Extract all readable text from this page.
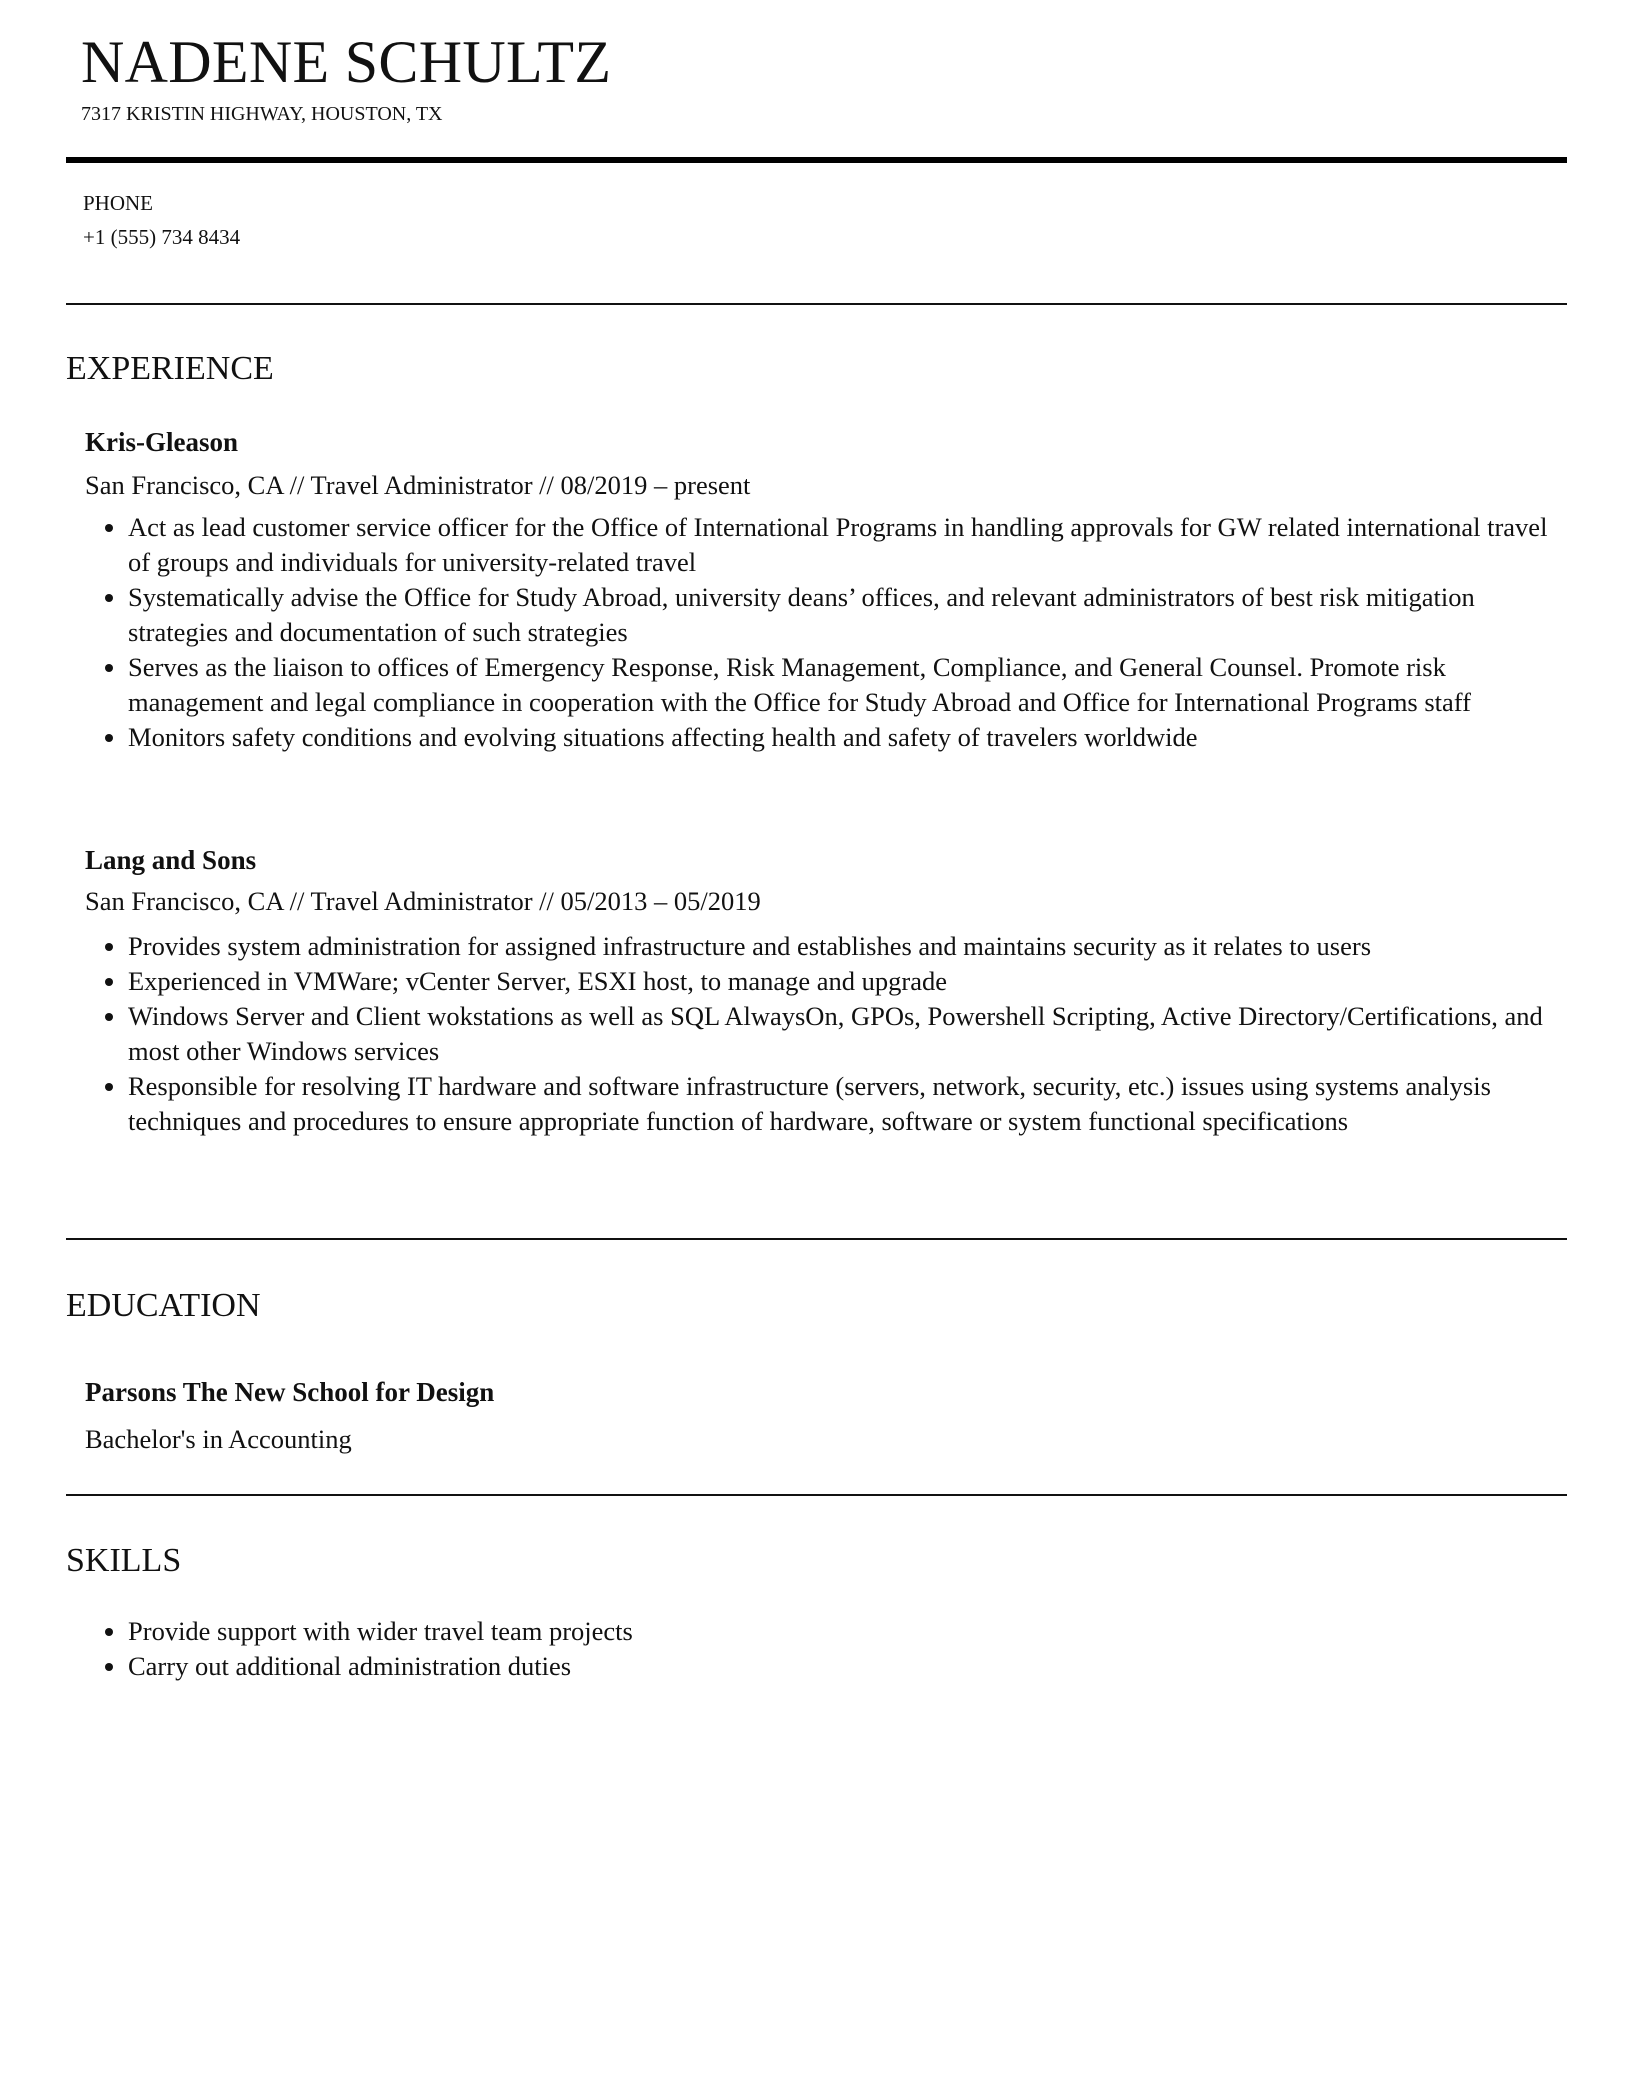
NADENE SCHULTZ
7317 KRISTIN HIGHWAY, HOUSTON, TX
PHONE
+1 (555) 734 8434
EXPERIENCE
Kris-Gleason
San Francisco, CA // Travel Administrator // 08/2019 – present
Act as lead customer service officer for the Office of International Programs in handling approvals for GW related international travel of groups and individuals for university-related travel
Systematically advise the Office for Study Abroad, university deans’ offices, and relevant administrators of best risk mitigation strategies and documentation of such strategies
Serves as the liaison to offices of Emergency Response, Risk Management, Compliance, and General Counsel. Promote risk management and legal compliance in cooperation with the Office for Study Abroad and Office for International Programs staff
Monitors safety conditions and evolving situations affecting health and safety of travelers worldwide
Lang and Sons
San Francisco, CA // Travel Administrator // 05/2013 – 05/2019
Provides system administration for assigned infrastructure and establishes and maintains security as it relates to users
Experienced in VMWare; vCenter Server, ESXI host, to manage and upgrade
Windows Server and Client wokstations as well as SQL AlwaysOn, GPOs, Powershell Scripting, Active Directory/Certifications, and most other Windows services
Responsible for resolving IT hardware and software infrastructure (servers, network, security, etc.) issues using systems analysis techniques and procedures to ensure appropriate function of hardware, software or system functional specifications
EDUCATION
Parsons The New School for Design
Bachelor's in Accounting
SKILLS
Provide support with wider travel team projects
Carry out additional administration duties
